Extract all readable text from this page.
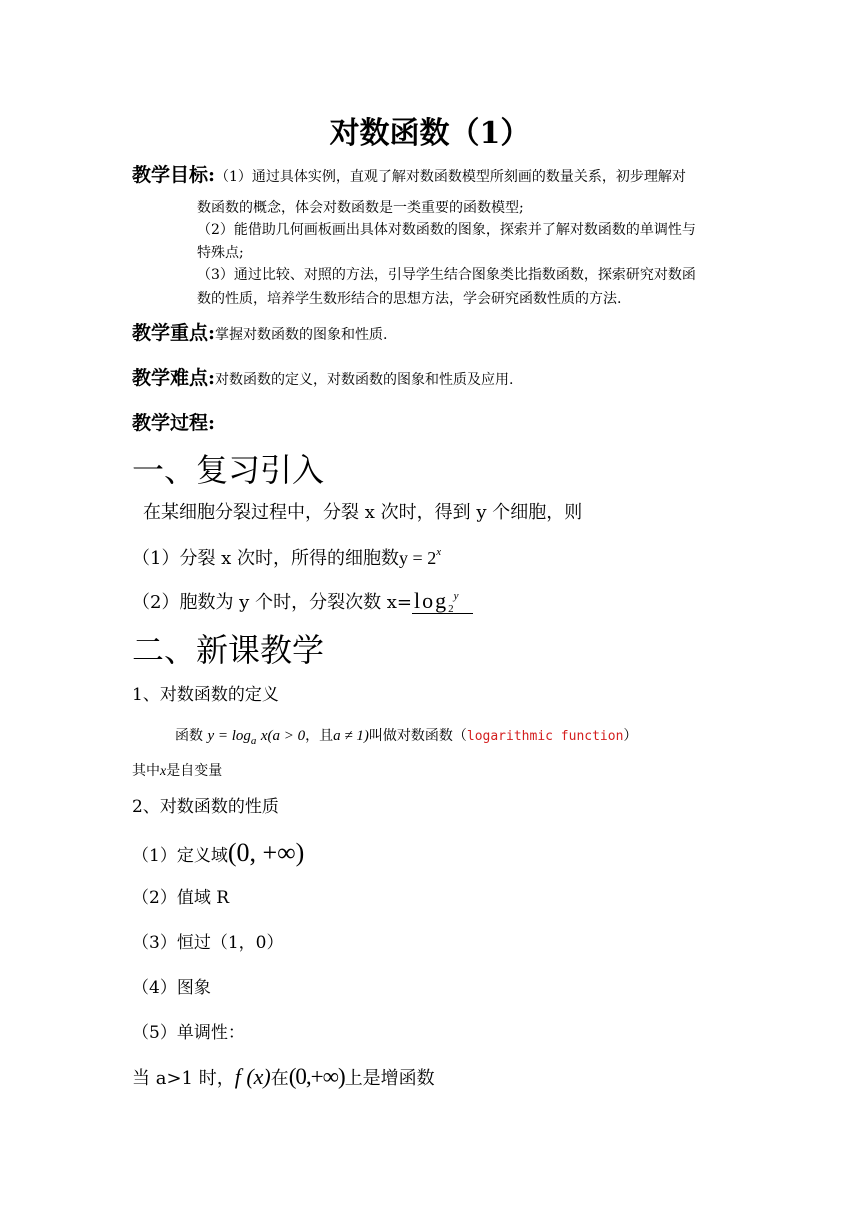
对数函数（1）
教学目标:（1）通过具体实例，直观了解对数函数模型所刻画的数量关系，初步理解对
数函数的概念，体会对数函数是一类重要的函数模型;
（2）能借助几何画板画出具体对数函数的图象，探索并了解对数函数的单调性与
特殊点;
（3）通过比较、对照的方法，引导学生结合图象类比指数函数，探索研究对数函
数的性质，培养学生数形结合的思想方法，学会研究函数性质的方法.
教学重点:掌握对数函数的图象和性质.
教学难点:对数函数的定义，对数函数的图象和性质及应用.
教学过程:
一、复习引入
在某细胞分裂过程中，分裂 x 次时，得到 y 个细胞，则
（1）分裂 x 次时，所得的细胞数$y = 2^x$
（2）胞数为 y 个时，分裂次数 $x=\log_2^y$
二、新课教学
1、对数函数的定义
函数 $y = \log_a x(a > 0$，且a ≠ 1)叫做对数函数（logarithmic function）
其中x是自变量
2、对数函数的性质
（1）定义域(0, +∞)
（2）值域 R
（3）恒过（1，0）
（4）图象
（5）单调性：
当 a>1 时，f (x)在(0,+∞)上是增函数
